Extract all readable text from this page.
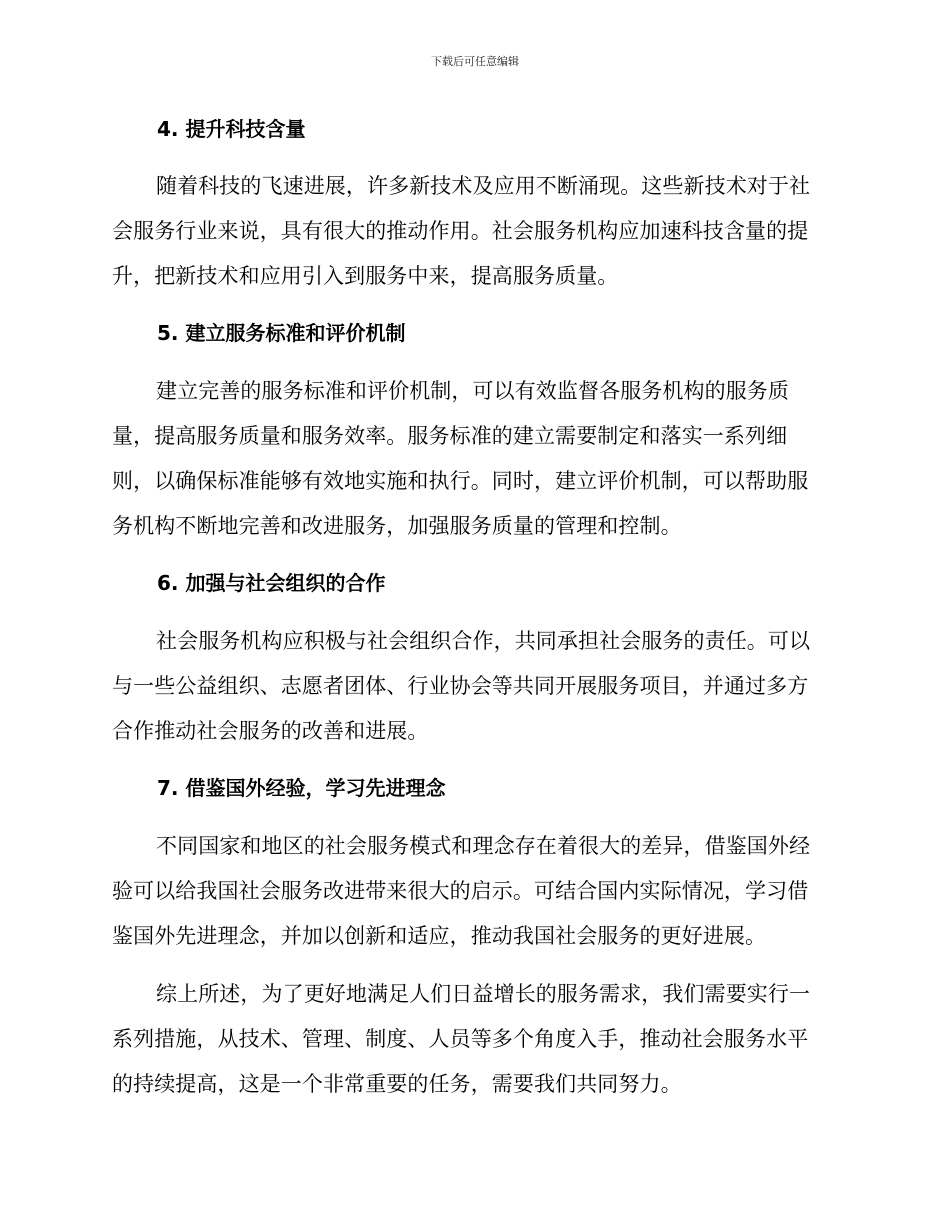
下载后可任意编辑
4. 提升科技含量
随着科技的飞速进展，许多新技术及应用不断涌现。这些新技术对于社
会服务行业来说，具有很大的推动作用。社会服务机构应加速科技含量的提
升，把新技术和应用引入到服务中来，提高服务质量。
5. 建立服务标准和评价机制
建立完善的服务标准和评价机制，可以有效监督各服务机构的服务质
量，提高服务质量和服务效率。服务标准的建立需要制定和落实一系列细
则，以确保标准能够有效地实施和执行。同时，建立评价机制，可以帮助服
务机构不断地完善和改进服务，加强服务质量的管理和控制。
6. 加强与社会组织的合作
社会服务机构应积极与社会组织合作，共同承担社会服务的责任。可以
与一些公益组织、志愿者团体、行业协会等共同开展服务项目，并通过多方
合作推动社会服务的改善和进展。
7. 借鉴国外经验，学习先进理念
不同国家和地区的社会服务模式和理念存在着很大的差异，借鉴国外经
验可以给我国社会服务改进带来很大的启示。可结合国内实际情况，学习借
鉴国外先进理念，并加以创新和适应，推动我国社会服务的更好进展。
综上所述，为了更好地满足人们日益增长的服务需求，我们需要实行一
系列措施，从技术、管理、制度、人员等多个角度入手，推动社会服务水平
的持续提高，这是一个非常重要的任务，需要我们共同努力。
